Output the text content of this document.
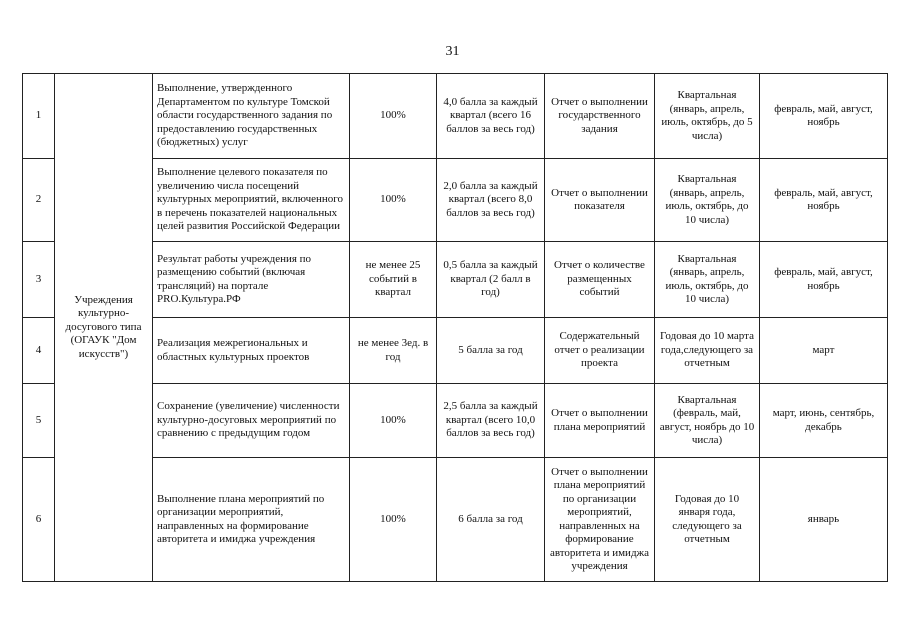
31
1	Учреждения культурно-досугового типа (ОГАУК "Дом искусств")	Выполнение, утвержденного Департаментом по культуре Томской области государственного задания по предоставлению государственных (бюджетных) услуг	100%	4,0 балла за каждый квартал (всего 16 баллов за весь год)	Отчет о выполнении государственного задания	Квартальная (январь, апрель, июль, октябрь, до 5 числа)	февраль, май, август, ноябрь
2		Выполнение целевого показателя по увеличению числа посещений культурных мероприятий, включенного в перечень показателей национальных целей развития Российской Федерации	100%	2,0 балла за каждый квартал (всего 8,0 баллов за весь год)	Отчет о выполнении показателя	Квартальная (январь, апрель, июль, октябрь, до 10 числа)	февраль, май, август, ноябрь
3		Результат работы учреждения по размещению событий (включая трансляций) на портале PRO.Культура.РФ	не менее 25 событий в квартал	0,5 балла за каждый квартал (2 балл в год)	Отчет о количестве размещенных событий	Квартальная (январь, апрель, июль, октябрь, до 10 числа)	февраль, май, август, ноябрь
4		Реализация межрегиональных и областных культурных проектов	не менее 3ед. в год	5 балла за год	Содержательный отчет о реализации проекта	Годовая до 10 марта года,следующего за отчетным	март
5		Сохранение (увеличение) численности культурно-досуговых мероприятий по сравнению с предыдущим годом	100%	2,5 балла за каждый квартал (всего 10,0 баллов за весь год)	Отчет о выполнении плана мероприятий	Квартальная (февраль, май, август, ноябрь до 10 числа)	март, июнь, сентябрь, декабрь
6		Выполнение плана мероприятий по организации мероприятий, направленных на формирование авторитета и имиджа учреждения	100%	6 балла за год	Отчет о выполнении плана мероприятий по организации мероприятий, направленных на формирование авторитета и имиджа учреждения	Годовая до 10 января года, следующего за отчетным	январь
